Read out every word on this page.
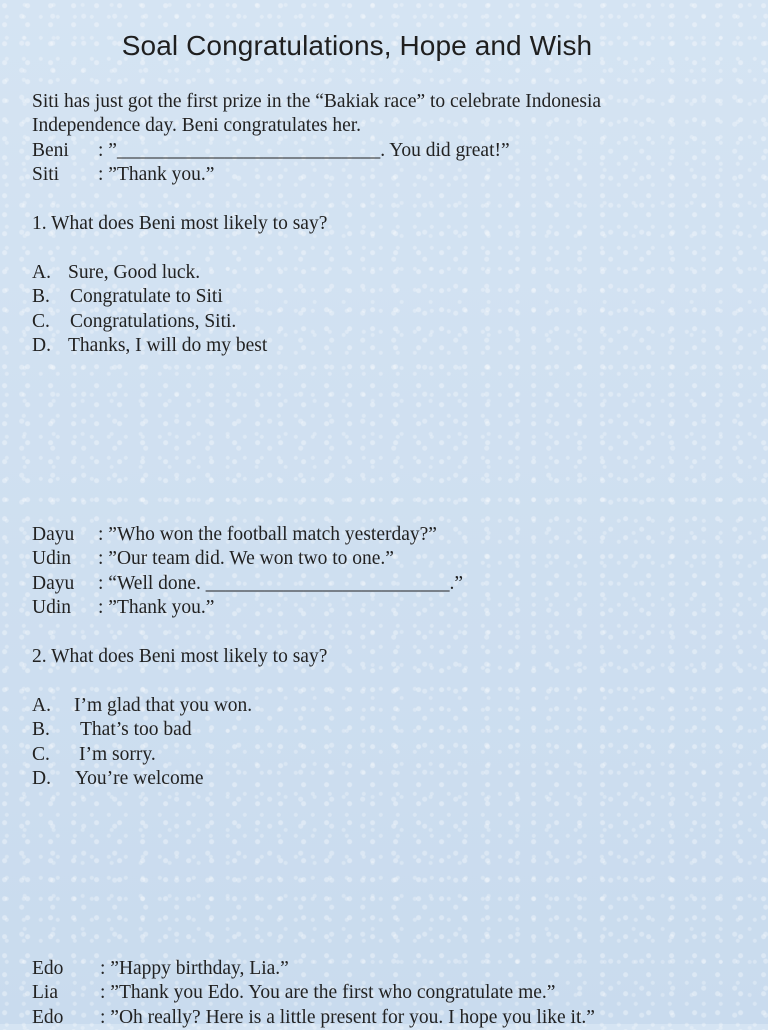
Soal Congratulations, Hope and Wish
Siti has just got the first prize in the “Bakiak race” to celebrate Indonesia
Independence day. Beni congratulates her.
Beni	: ”___________________________. You did great!”
Siti	: ”Thank you.”
1. What does Beni most likely to say?
A. Sure, Good luck.
B.	Congratulate to Siti
C.	Congratulations, Siti.
D. Thanks, I will do my best
Dayu	: ”Who won the football match yesterday?”
Udin	: ”Our team did. We won two to one.”
Dayu	: “Well done. _________________________.”
Udin	: ”Thank you.”
2. What does Beni most likely to say?
A.	I’m glad that you won.
B.	That’s too bad
C.	I’m sorry.
D.	You’re welcome
Edo	: ”Happy birthday, Lia.”
Lia	: ”Thank you Edo. You are the first who congratulate me.”
Edo	: ”Oh really? Here is a little present for you. I hope you like it.”
